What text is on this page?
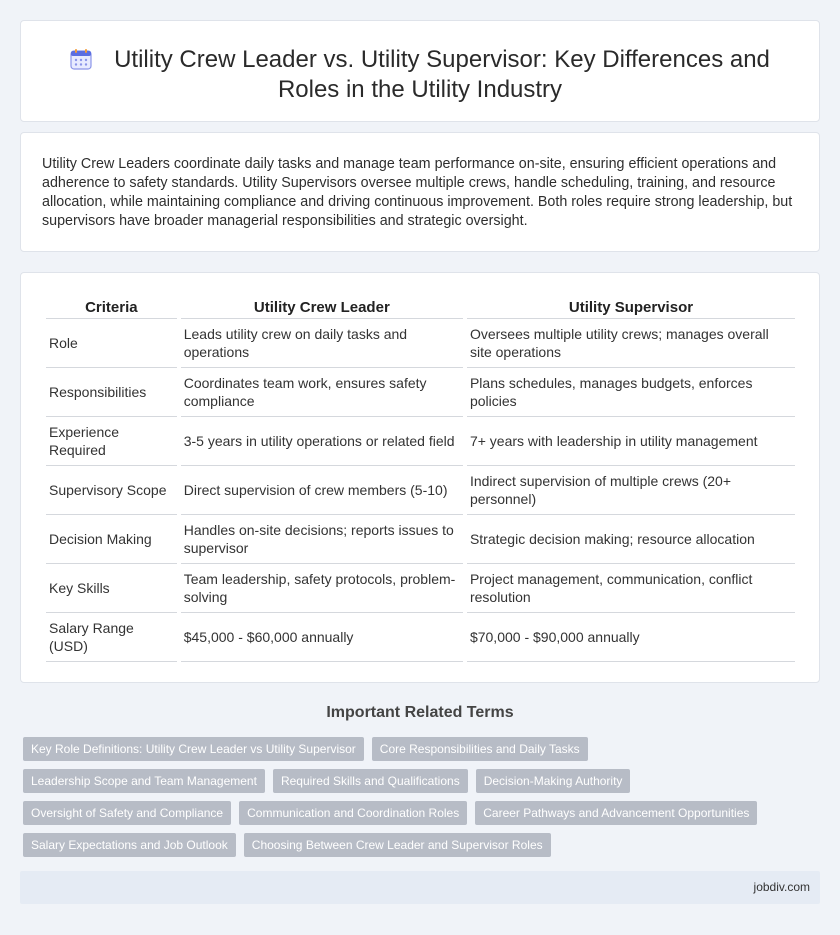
Utility Crew Leader vs. Utility Supervisor: Key Differences and
Roles in the Utility Industry

Utility Crew Leaders coordinate daily tasks and manage team performance on-site, ensuring efficient operations and adherence to safety standards. Utility Supervisors oversee multiple crews, handle scheduling, training, and resource allocation, while maintaining compliance and driving continuous improvement. Both roles require strong leadership, but supervisors have broader managerial responsibilities and strategic oversight.

Criteria	Utility Crew Leader	Utility Supervisor
Role	Leads utility crew on daily tasks and operations	Oversees multiple utility crews; manages overall site operations
Responsibilities	Coordinates team work, ensures safety compliance	Plans schedules, manages budgets, enforces policies
Experience Required	3-5 years in utility operations or related field	7+ years with leadership in utility management
Supervisory Scope	Direct supervision of crew members (5-10)	Indirect supervision of multiple crews (20+ personnel)
Decision Making	Handles on-site decisions; reports issues to supervisor	Strategic decision making; resource allocation
Key Skills	Team leadership, safety protocols, problem-solving	Project management, communication, conflict resolution
Salary Range (USD)	$45,000 - $60,000 annually	$70,000 - $90,000 annually
Important Related Terms
Key Role Definitions: Utility Crew Leader vs Utility Supervisor	Core Responsibilities and Daily Tasks
Leadership Scope and Team Management	Required Skills and Qualifications	Decision-Making Authority
Oversight of Safety and Compliance	Communication and Coordination Roles	Career Pathways and Advancement Opportunities
Salary Expectations and Job Outlook	Choosing Between Crew Leader and Supervisor Roles
jobdiv.com
